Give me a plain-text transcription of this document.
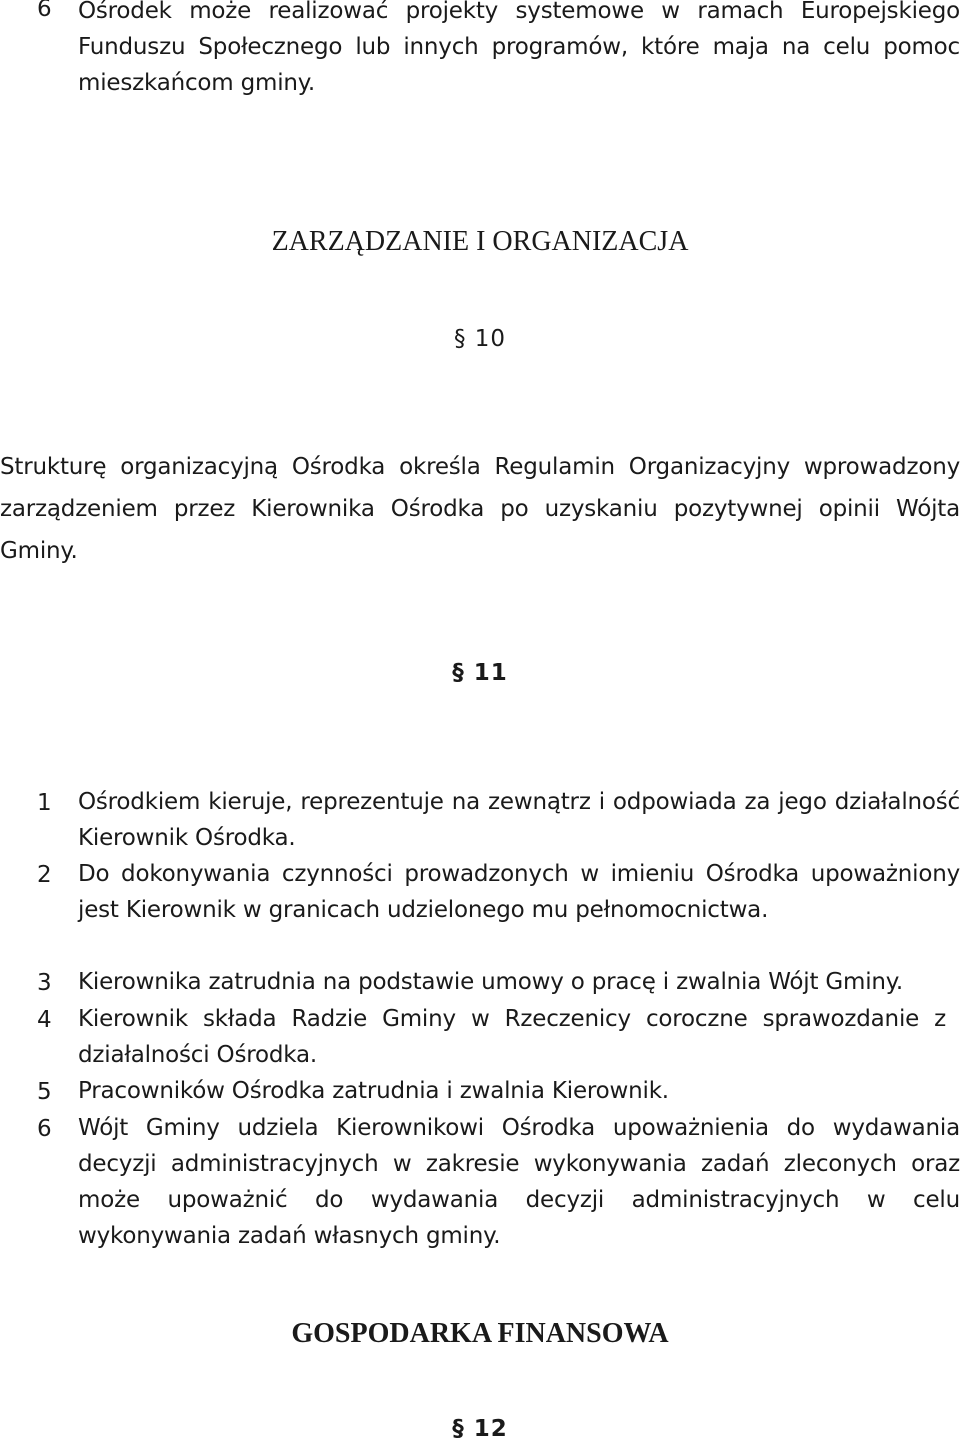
6	Ośrodek może realizować projekty systemowe w ramach Europejskiego Funduszu Społecznego lub innych programów, które maja na celu pomoc mieszkańcom gminy.
ZARZĄDZANIE I ORGANIZACJA
§ 10
Strukturę organizacyjną Ośrodka określa Regulamin Organizacyjny wprowadzony zarządzeniem przez Kierownika Ośrodka po uzyskaniu pozytywnej opinii Wójta Gminy.
§ 11
1	Ośrodkiem kieruje, reprezentuje na zewnątrz i odpowiada za jego działalność Kierownik Ośrodka.
2	Do dokonywania czynności prowadzonych w imieniu Ośrodka upoważniony jest Kierownik w granicach udzielonego mu pełnomocnictwa.
3	Kierownika zatrudnia na podstawie umowy o pracę i zwalnia Wójt Gminy.
4	Kierownik składa Radzie Gminy w Rzeczenicy coroczne sprawozdanie z działalności Ośrodka.
5	Pracowników Ośrodka zatrudnia i zwalnia Kierownik.
6	Wójt Gminy udziela Kierownikowi Ośrodka upoważnienia do wydawania decyzji administracyjnych w zakresie wykonywania zadań zleconych oraz może upoważnić do wydawania decyzji administracyjnych w celu wykonywania zadań własnych gminy.
GOSPODARKA FINANSOWA
§ 12
